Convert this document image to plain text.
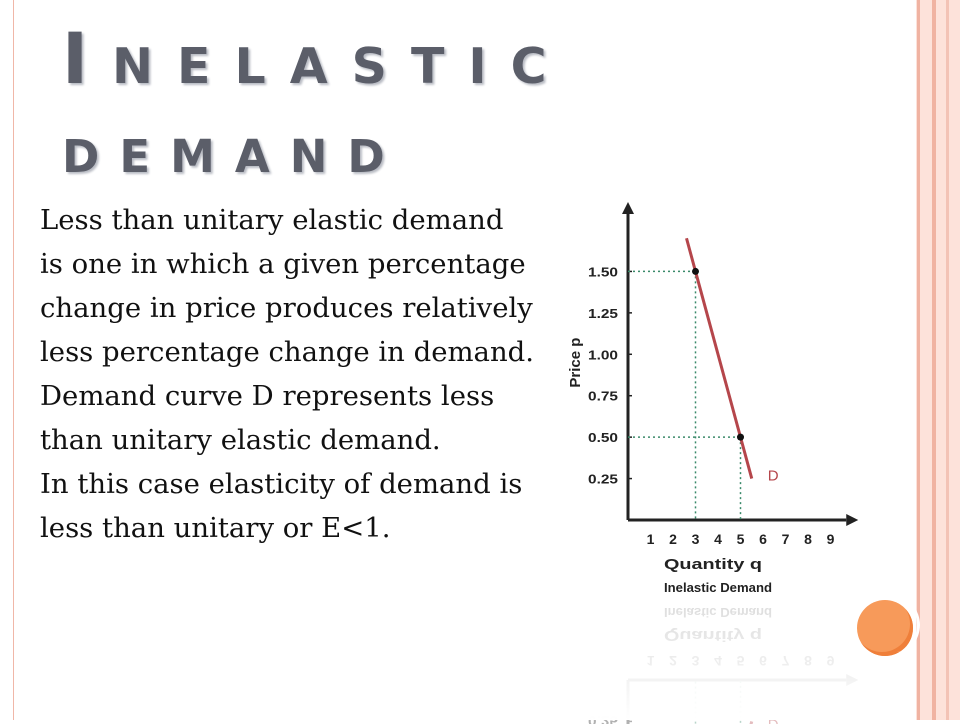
Inelastic
demand
Less than unitary elastic demand is one in which a given percentage change in price produces relatively less percentage change in demand.
Demand curve D represents less than unitary elastic demand.
In this case elasticity of demand is less than unitary or E<1.	1 2 3 4 5 6 7 8 9
0.25
0.50
0.75
1.00
1.25
1.50
D
Quantity q
Price p
Inelastic Demand
